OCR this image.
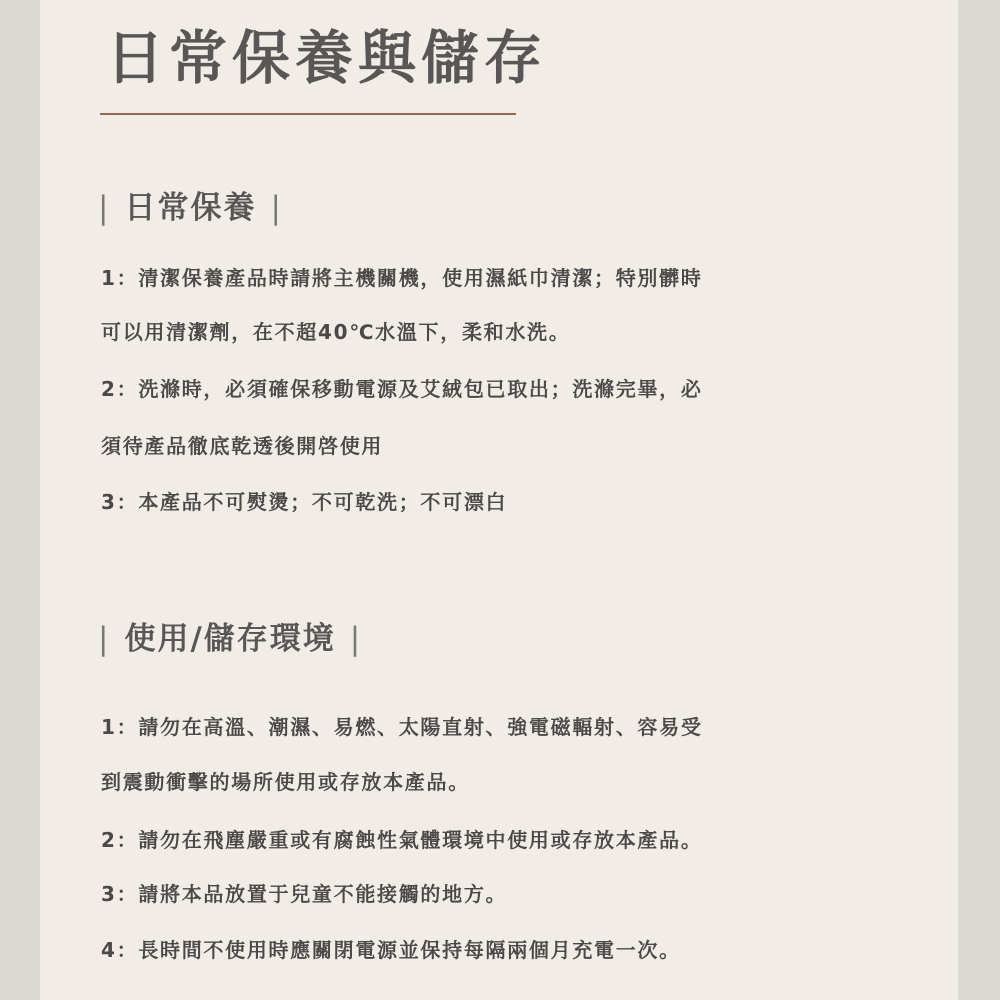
日常保養與儲存
| 日常保養 |

1：清潔保養產品時請將主機關機，使用濕紙巾清潔；特別髒時

可以用清潔劑，在不超40℃水溫下，柔和水洗。

2：洗滌時，必須確保移動電源及艾絨包已取出；洗滌完畢，必

須待產品徹底乾透後開啓使用

3：本產品不可熨燙；不可乾洗；不可漂白

| 使用/儲存環境 |

1：請勿在高溫、潮濕、易燃、太陽直射、強電磁輻射、容易受

到震動衝擊的場所使用或存放本產品。

2：請勿在飛塵嚴重或有腐蝕性氣體環境中使用或存放本產品。

3：請將本品放置于兒童不能接觸的地方。

4：長時間不使用時應關閉電源並保持每隔兩個月充電一次。
